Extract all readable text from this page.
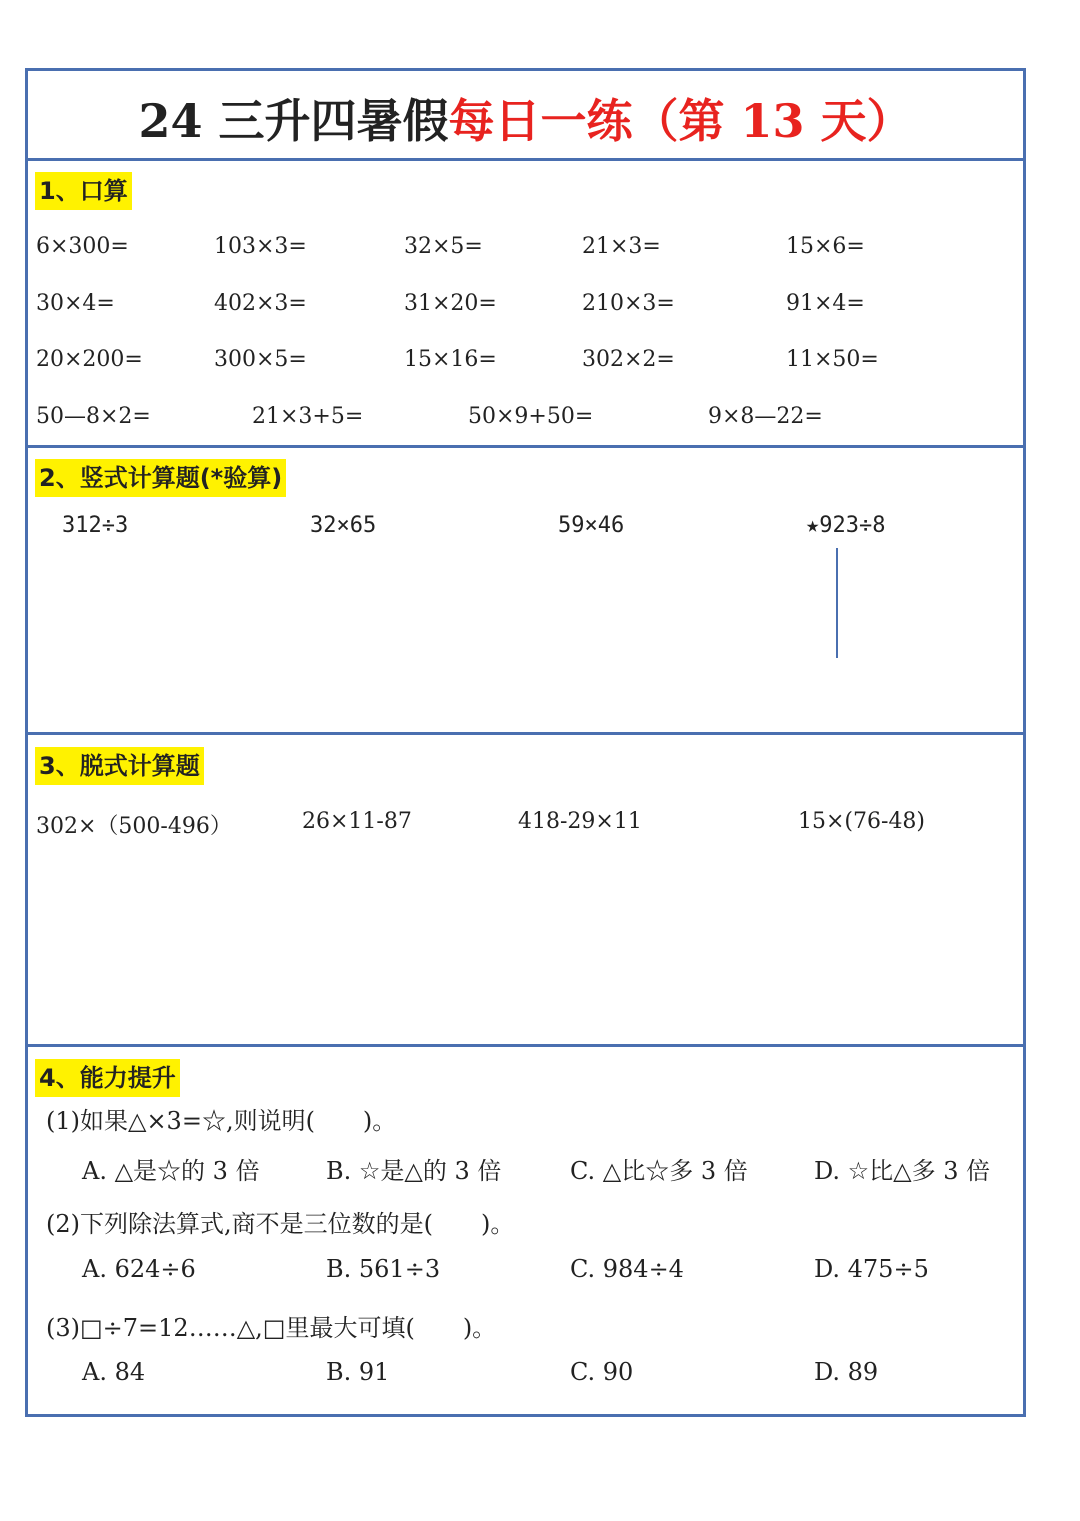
24 三升四暑假每日一练（第 13 天）
1、口算
6×300=	103×3=	32×5=	21×3=	15×6=
30×4=	402×3=	31×20=	210×3=	91×4=
20×200=	300×5=	15×16=	302×2=	11×50=
50—8×2=	21×3+5=	50×9+50=	9×8—22=
2、竖式计算题(*验算)
312÷3	32×65	59×46	★923÷8
3、脱式计算题
302×（500-496）	26×11-87	418-29×11	15×(76-48)
4、能力提升
(1)如果△×3=☆,则说明(　　)。
A. △是☆的 3 倍	B. ☆是△的 3 倍	C. △比☆多 3 倍	D. ☆比△多 3 倍
(2)下列除法算式,商不是三位数的是(　　)。
A. 624÷6	B. 561÷3	C. 984÷4	D. 475÷5
(3)□÷7=12……△,□里最大可填(　　)。
A. 84	B. 91	C. 90	D. 89
